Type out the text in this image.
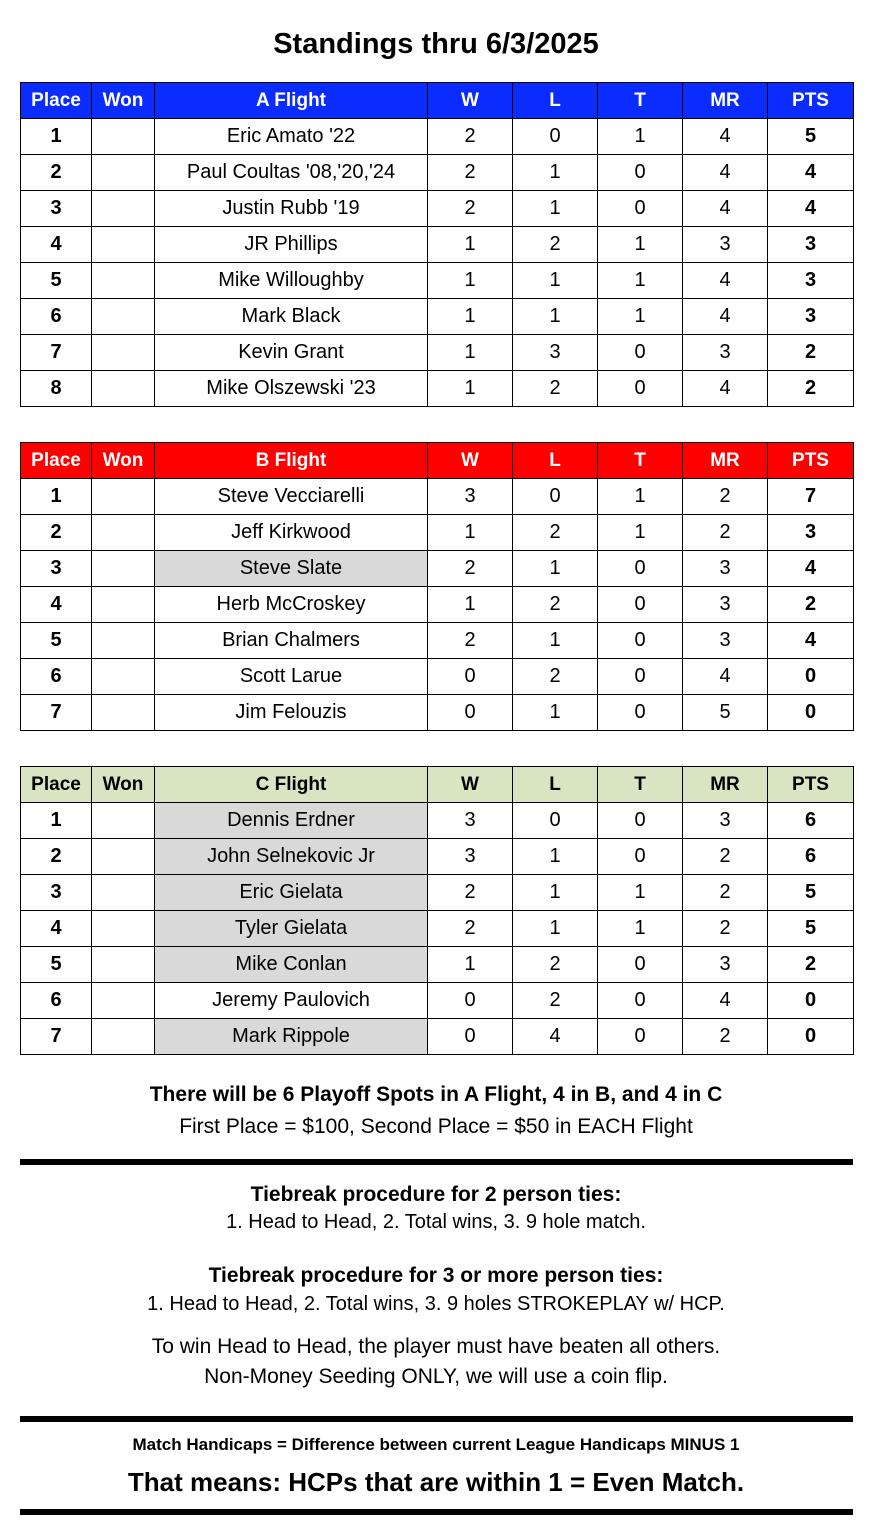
Standings thru 6/3/2025
Place	Won	A Flight	W	L	T	MR	PTS
1		Eric Amato '22	2	0	1	4	5
2		Paul Coultas '08,'20,'24	2	1	0	4	4
3		Justin Rubb '19	2	1	0	4	4
4		JR Phillips	1	2	1	3	3
5		Mike Willoughby	1	1	1	4	3
6		Mark Black	1	1	1	4	3
7		Kevin Grant	1	3	0	3	2
8		Mike Olszewski '23	1	2	0	4	2
Place	Won	B Flight	W	L	T	MR	PTS
1		Steve Vecciarelli	3	0	1	2	7
2		Jeff Kirkwood	1	2	1	2	3
3		Steve Slate	2	1	0	3	4
4		Herb McCroskey	1	2	0	3	2
5		Brian Chalmers	2	1	0	3	4
6		Scott Larue	0	2	0	4	0
7		Jim Felouzis	0	1	0	5	0
Place	Won	C Flight	W	L	T	MR	PTS
1		Dennis Erdner	3	0	0	3	6
2		John Selnekovic Jr	3	1	0	2	6
3		Eric Gielata	2	1	1	2	5
4		Tyler Gielata	2	1	1	2	5
5		Mike Conlan	1	2	0	3	2
6		Jeremy Paulovich	0	2	0	4	0
7		Mark Rippole	0	4	0	2	0
There will be 6 Playoff Spots in A Flight, 4 in B, and 4 in C
First Place = $100, Second Place = $50 in EACH Flight
Tiebreak procedure for 2 person ties:
1. Head to Head, 2. Total wins, 3. 9 hole match.
Tiebreak procedure for 3 or more person ties:
1. Head to Head, 2. Total wins, 3. 9 holes STROKEPLAY w/ HCP.
To win Head to Head, the player must have beaten all others.
Non-Money Seeding ONLY, we will use a coin flip.
Match Handicaps = Difference between current League Handicaps MINUS 1
That means: HCPs that are within 1 = Even Match.
